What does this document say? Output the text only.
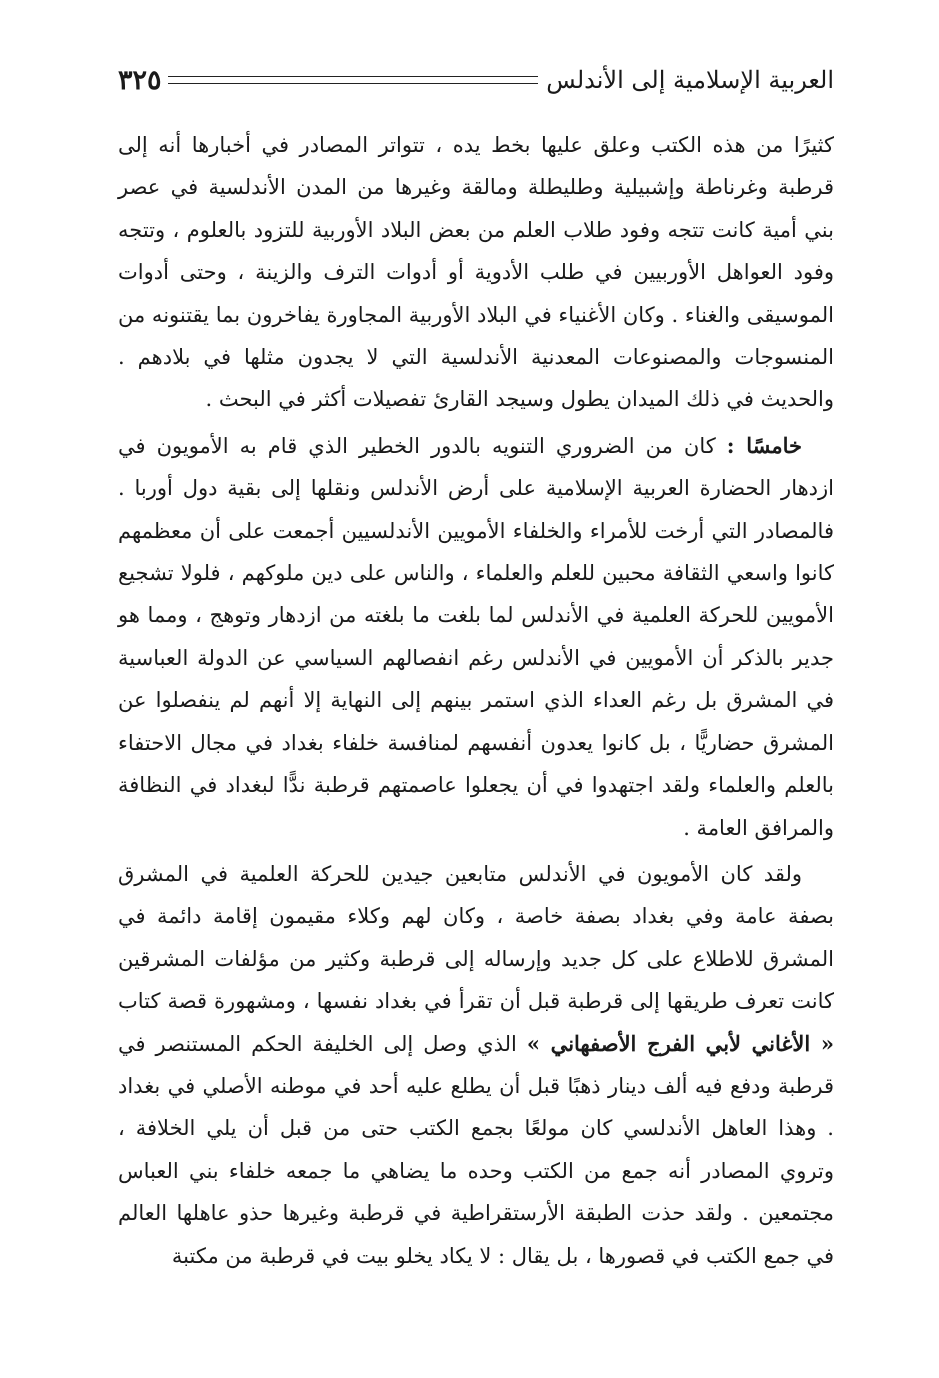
العربية الإسلامية إلى الأندلس
٣٢٥

كثيرًا من هذه الكتب وعلق عليها بخط يده ، تتواتر المصادر في أخبارها أنه إلى قرطبة وغرناطة وإشبيلية وطليطلة ومالقة وغيرها من المدن الأندلسية في عصر بني أمية كانت تتجه وفود طلاب العلم من بعض البلاد الأوربية للتزود بالعلوم ، وتتجه وفود العواهل الأوربيين في طلب الأدوية أو أدوات الترف والزينة ، وحتى أدوات الموسيقى والغناء . وكان الأغنياء في البلاد الأوربية المجاورة يفاخرون بما يقتنونه من المنسوجات والمصنوعات المعدنية الأندلسية التي لا يجدون مثلها في بلادهم . والحديث في ذلك الميدان يطول وسيجد القارئ تفصيلات أكثر في البحث .

خامسًا : كان من الضروري التنويه بالدور الخطير الذي قام به الأمويون في ازدهار الحضارة العربية الإسلامية على أرض الأندلس ونقلها إلى بقية دول أوربا . فالمصادر التي أرخت للأمراء والخلفاء الأمويين الأندلسيين أجمعت على أن معظمهم كانوا واسعي الثقافة محبين للعلم والعلماء ، والناس على دين ملوكهم ، فلولا تشجيع الأمويين للحركة العلمية في الأندلس لما بلغت ما بلغته من ازدهار وتوهج ، ومما هو جدير بالذكر أن الأمويين في الأندلس رغم انفصالهم السياسي عن الدولة العباسية في المشرق بل رغم العداء الذي استمر بينهم إلى النهاية إلا أنهم لم ينفصلوا عن المشرق حضاريًّا ، بل كانوا يعدون أنفسهم لمنافسة خلفاء بغداد في مجال الاحتفاء بالعلم والعلماء ولقد اجتهدوا في أن يجعلوا عاصمتهم قرطبة ندًّا لبغداد في النظافة والمرافق العامة .

ولقد كان الأمويون في الأندلس متابعين جيدين للحركة العلمية في المشرق بصفة عامة وفي بغداد بصفة خاصة ، وكان لهم وكلاء مقيمون إقامة دائمة في المشرق للاطلاع على كل جديد وإرساله إلى قرطبة وكثير من مؤلفات المشرقين كانت تعرف طريقها إلى قرطبة قبل أن تقرأ في بغداد نفسها ، ومشهورة قصة كتاب « الأغاني لأبي الفرج الأصفهاني » الذي وصل إلى الخليفة الحكم المستنصر في قرطبة ودفع فيه ألف دينار ذهبًا قبل أن يطلع عليه أحد في موطنه الأصلي في بغداد . وهذا العاهل الأندلسي كان مولعًا بجمع الكتب حتى من قبل أن يلي الخلافة ، وتروي المصادر أنه جمع من الكتب وحده ما يضاهي ما جمعه خلفاء بني العباس مجتمعين . ولقد حذت الطبقة الأرستقراطية في قرطبة وغيرها حذو عاهلها العالم في جمع الكتب في قصورها ، بل يقال : لا يكاد يخلو بيت في قرطبة من مكتبة
